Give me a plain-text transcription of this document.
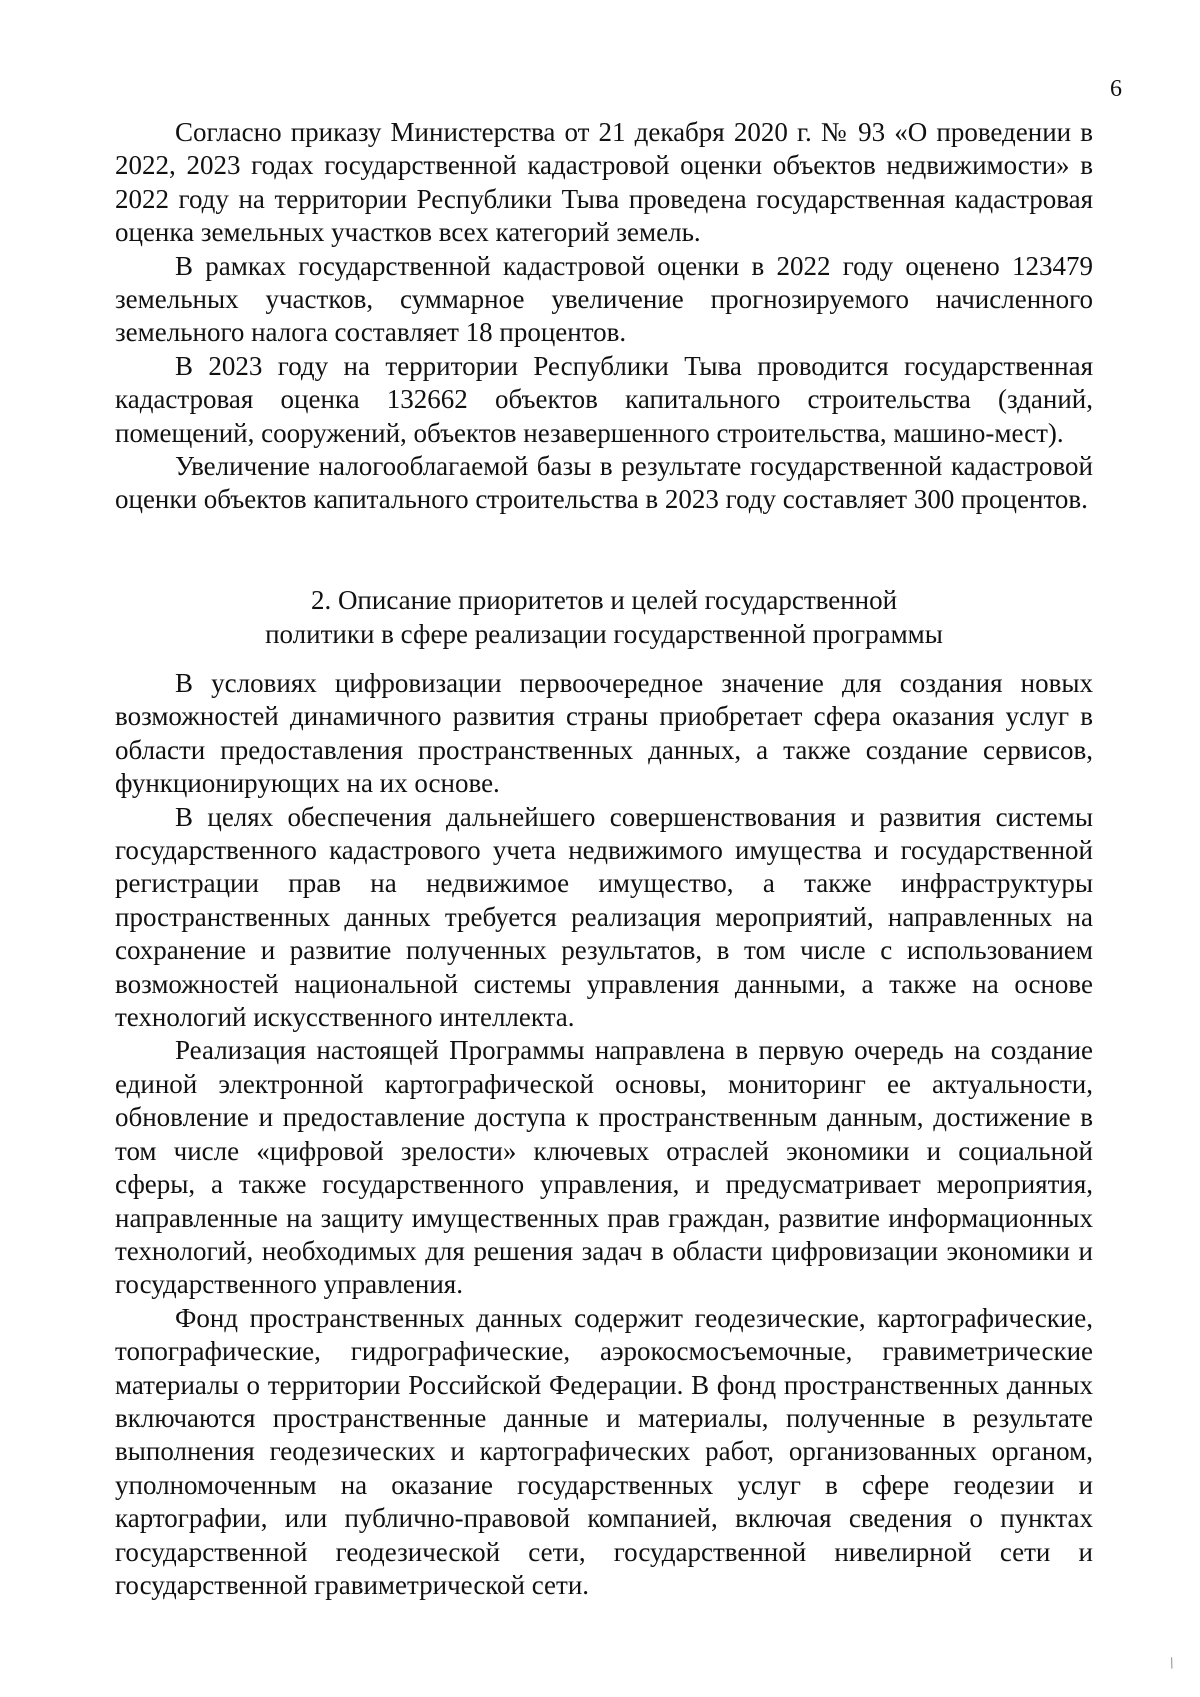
6

Согласно приказу Министерства от 21 декабря 2020 г. № 93 «О проведении в 2022, 2023 годах государственной кадастровой оценки объектов недвижимости» в 2022 году на территории Республики Тыва проведена государственная кадастровая оценка земельных участков всех категорий земель.

В рамках государственной кадастровой оценки в 2022 году оценено 123479 земельных участков, суммарное увеличение прогнозируемого начисленного земельного налога составляет 18 процентов.

В 2023 году на территории Республики Тыва проводится государственная кадастровая оценка 132662 объектов капитального строительства (зданий, помещений, сооружений, объектов незавершенного строительства, машино-мест).

Увеличение налогооблагаемой базы в результате государственной кадастровой оценки объектов капитального строительства в 2023 году составляет 300 процентов.

2. Описание приоритетов и целей государственной
политики в сфере реализации государственной программы

В условиях цифровизации первоочередное значение для создания новых возможностей динамичного развития страны приобретает сфера оказания услуг в области предоставления пространственных данных, а также создание сервисов, функционирующих на их основе.

В целях обеспечения дальнейшего совершенствования и развития системы государственного кадастрового учета недвижимого имущества и государственной регистрации прав на недвижимое имущество, а также инфраструктуры пространственных данных требуется реализация мероприятий, направленных на сохранение и развитие полученных результатов, в том числе с использованием возможностей национальной системы управления данными, а также на основе технологий искусственного интеллекта.

Реализация настоящей Программы направлена в первую очередь на создание единой электронной картографической основы, мониторинг ее актуальности, обновление и предоставление доступа к пространственным данным, достижение в том числе «цифровой зрелости» ключевых отраслей экономики и социальной сферы, а также государственного управления, и предусматривает мероприятия, направленные на защиту имущественных прав граждан, развитие информационных технологий, необходимых для решения задач в области цифровизации экономики и государственного управления.

Фонд пространственных данных содержит геодезические, картографические, топографические, гидрографические, аэрокосмосъемочные, гравиметрические материалы о территории Российской Федерации. В фонд пространственных данных включаются пространственные данные и материалы, полученные в результате выполнения геодезических и картографических работ, организованных органом, уполномоченным на оказание государственных услуг в сфере геодезии и картографии, или публично-правовой компанией, включая сведения о пунктах государственной геодезической сети, государственной нивелирной сети и государственной гравиметрической сети.

/
